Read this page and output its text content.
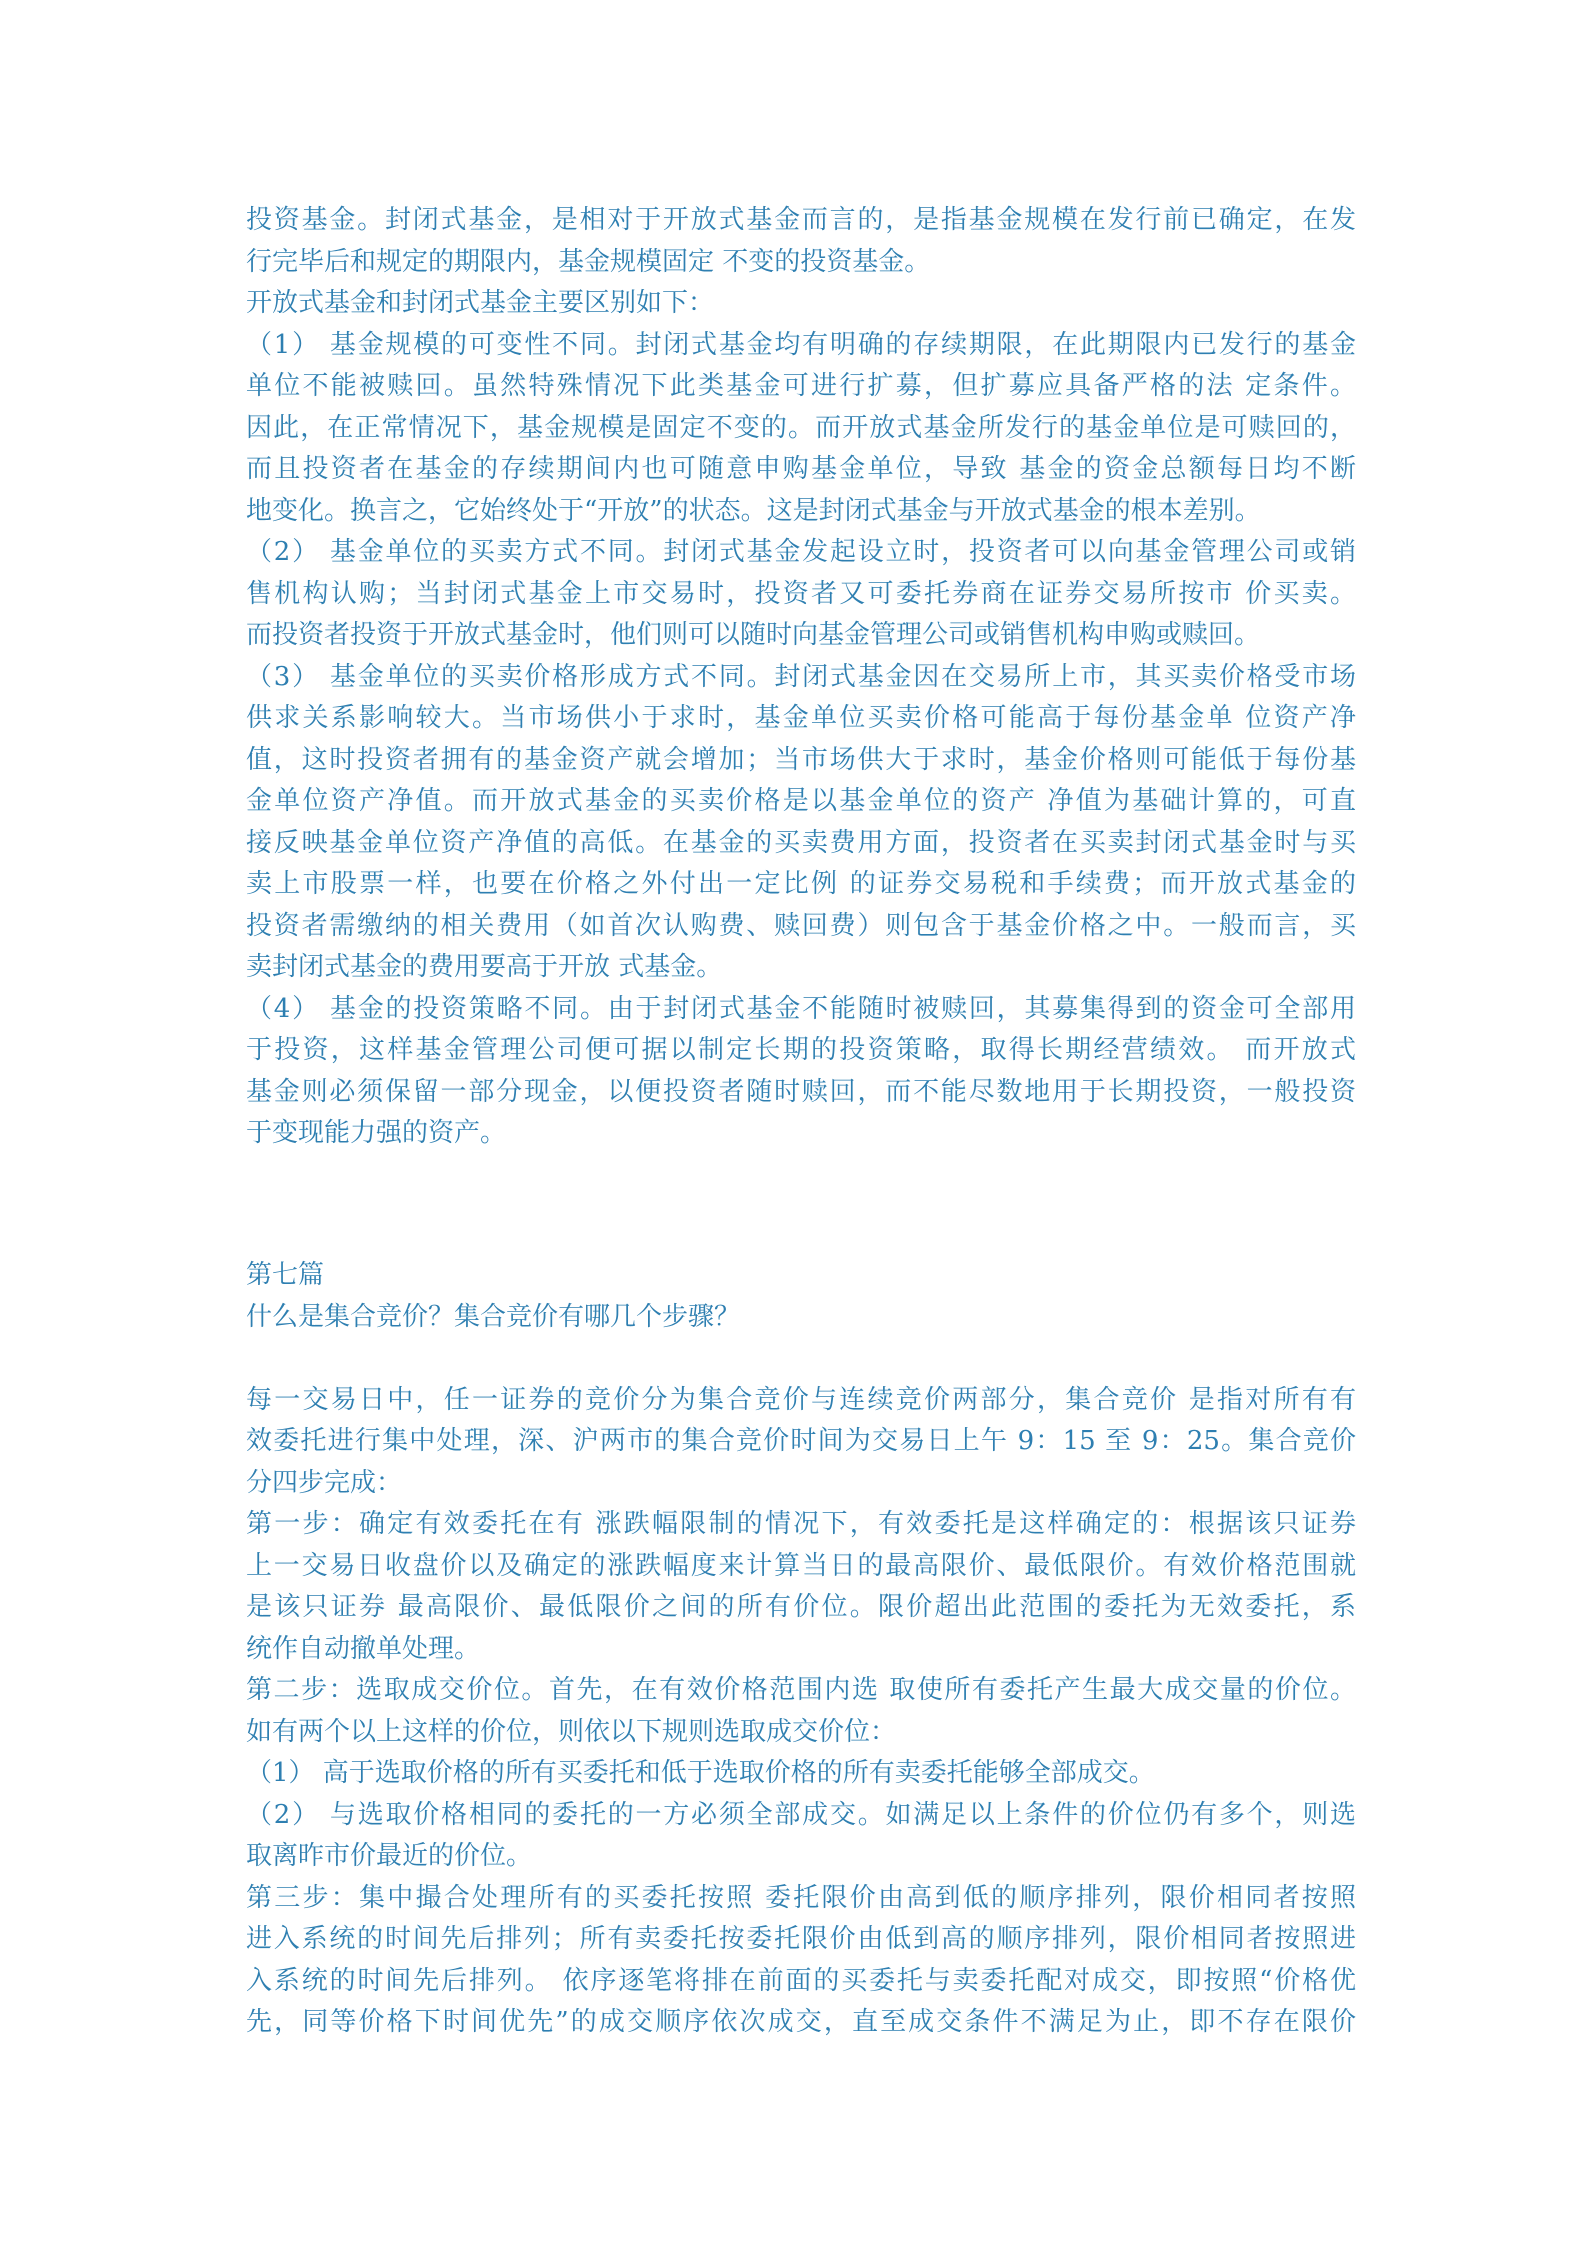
投资基金。封闭式基金，是相对于开放式基金而言的，是指基金规模在发行前已确定，在发
行完毕后和规定的期限内，基金规模固定 不变的投资基金。
开放式基金和封闭式基金主要区别如下：
（1） 基金规模的可变性不同。封闭式基金均有明确的存续期限，在此期限内已发行的基金
单位不能被赎回。虽然特殊情况下此类基金可进行扩募，但扩募应具备严格的法 定条件。
因此，在正常情况下，基金规模是固定不变的。而开放式基金所发行的基金单位是可赎回的，
而且投资者在基金的存续期间内也可随意申购基金单位，导致 基金的资金总额每日均不断
地变化。换言之，它始终处于“开放”的状态。这是封闭式基金与开放式基金的根本差别。
（2） 基金单位的买卖方式不同。封闭式基金发起设立时，投资者可以向基金管理公司或销
售机构认购；当封闭式基金上市交易时，投资者又可委托券商在证券交易所按市 价买卖。
而投资者投资于开放式基金时，他们则可以随时向基金管理公司或销售机构申购或赎回。
（3） 基金单位的买卖价格形成方式不同。封闭式基金因在交易所上市，其买卖价格受市场
供求关系影响较大。当市场供小于求时，基金单位买卖价格可能高于每份基金单 位资产净
值，这时投资者拥有的基金资产就会增加；当市场供大于求时，基金价格则可能低于每份基
金单位资产净值。而开放式基金的买卖价格是以基金单位的资产 净值为基础计算的，可直
接反映基金单位资产净值的高低。在基金的买卖费用方面，投资者在买卖封闭式基金时与买
卖上市股票一样，也要在价格之外付出一定比例 的证券交易税和手续费；而开放式基金的
投资者需缴纳的相关费用（如首次认购费、赎回费）则包含于基金价格之中。一般而言，买
卖封闭式基金的费用要高于开放 式基金。
（4） 基金的投资策略不同。由于封闭式基金不能随时被赎回，其募集得到的资金可全部用
于投资，这样基金管理公司便可据以制定长期的投资策略，取得长期经营绩效。 而开放式
基金则必须保留一部分现金，以便投资者随时赎回，而不能尽数地用于长期投资，一般投资
于变现能力强的资产。
第七篇
什么是集合竞价？集合竞价有哪几个步骤？
每一交易日中，任一证券的竞价分为集合竞价与连续竞价两部分，集合竞价 是指对所有有
效委托进行集中处理，深、沪两市的集合竞价时间为交易日上午 9：15 至 9：25。集合竞价
分四步完成：
第一步：确定有效委托在有 涨跌幅限制的情况下，有效委托是这样确定的：根据该只证券
上一交易日收盘价以及确定的涨跌幅度来计算当日的最高限价、最低限价。有效价格范围就
是该只证券 最高限价、最低限价之间的所有价位。限价超出此范围的委托为无效委托，系
统作自动撤单处理。
第二步：选取成交价位。首先，在有效价格范围内选 取使所有委托产生最大成交量的价位。
如有两个以上这样的价位，则依以下规则选取成交价位：
（1） 高于选取价格的所有买委托和低于选取价格的所有卖委托能够全部成交。
（2） 与选取价格相同的委托的一方必须全部成交。如满足以上条件的价位仍有多个，则选
取离昨市价最近的价位。
第三步：集中撮合处理所有的买委托按照 委托限价由高到低的顺序排列，限价相同者按照
进入系统的时间先后排列；所有卖委托按委托限价由低到高的顺序排列，限价相同者按照进
入系统的时间先后排列。 依序逐笔将排在前面的买委托与卖委托配对成交，即按照“价格优
先，同等价格下时间优先”的成交顺序依次成交，直至成交条件不满足为止，即不存在限价
